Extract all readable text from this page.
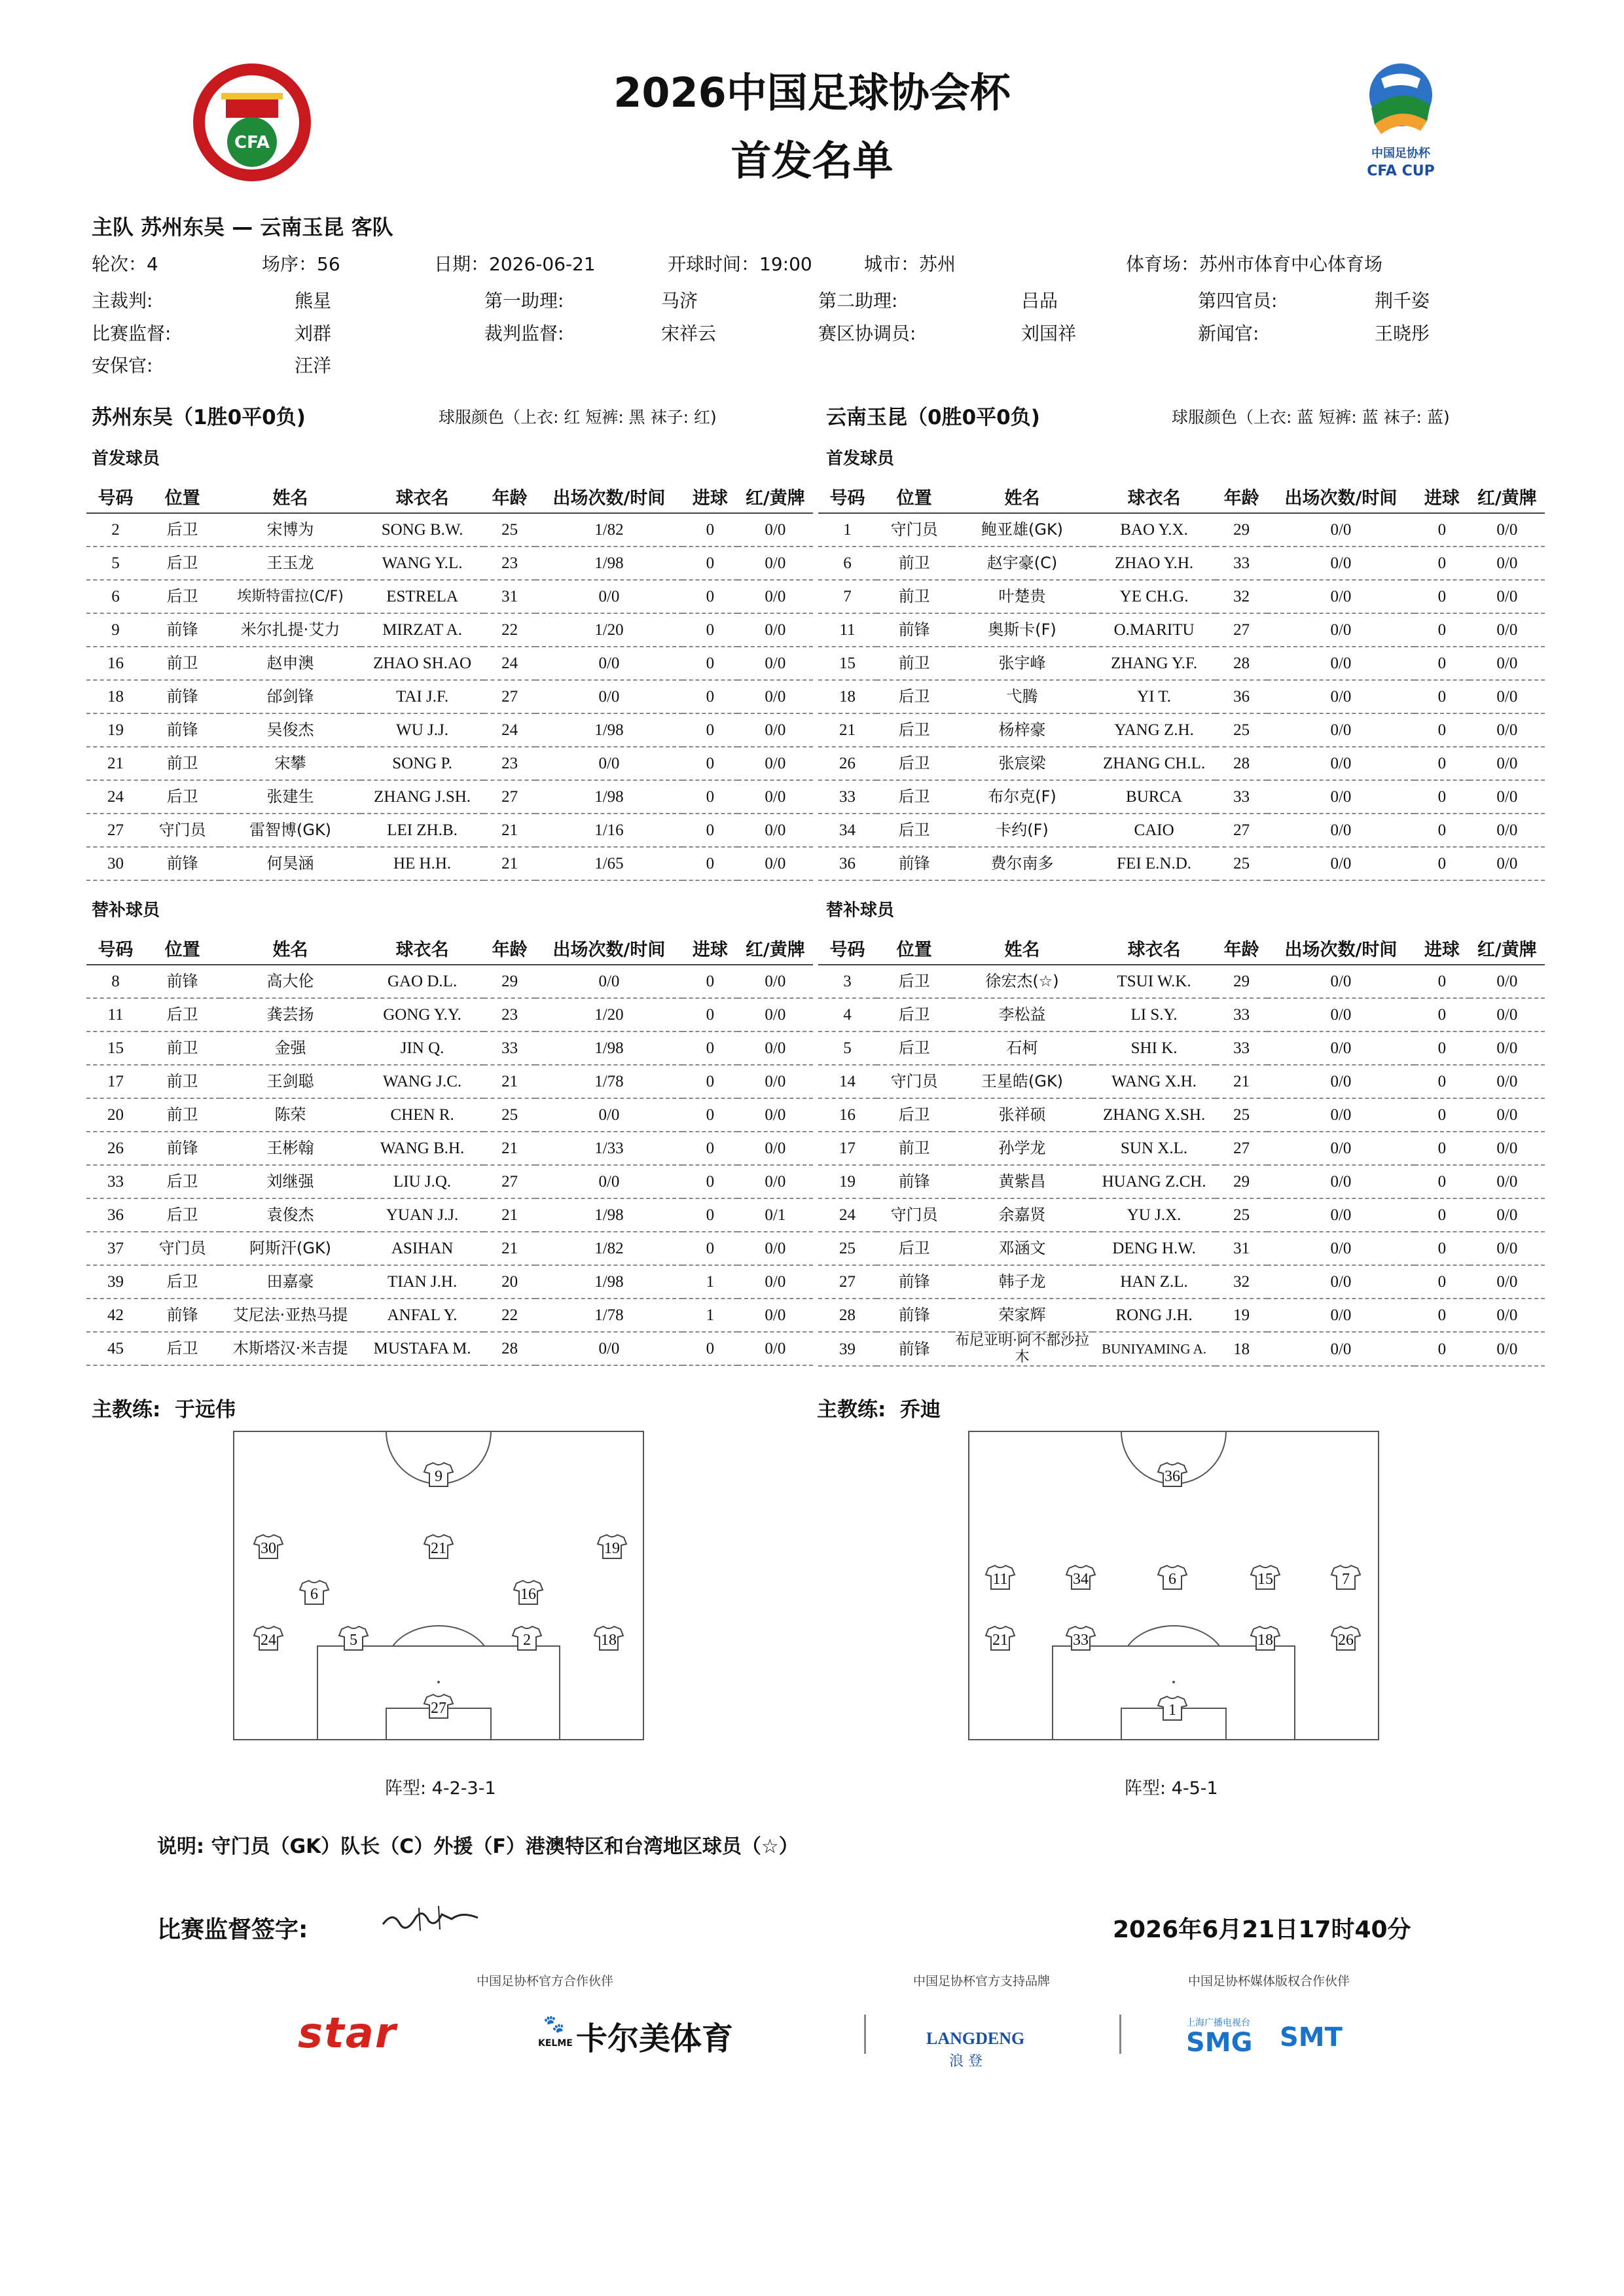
CFA
中国足协杯
CFA CUP
2026中国足球协会杯
首发名单
主队 苏州东吴 — 云南玉昆 客队
轮次：4	场序：56	日期：2026-06-21	开球时间：19:00	城市：苏州	体育场：苏州市体育中心体育场
主裁判:	熊星	第一助理:	马济	第二助理:	吕品	第四官员:	荆千姿
比赛监督:	刘群	裁判监督:	宋祥云	赛区协调员:	刘国祥	新闻官:	王晓彤
安保官:	汪洋
苏州东吴（1胜0平0负)	球服颜色（上衣: 红 短裤: 黑 袜子: 红)	云南玉昆（0胜0平0负)	球服颜色（上衣: 蓝 短裤: 蓝 袜子: 蓝)
首发球员	首发球员
号码	位置	姓名	球衣名	年龄	出场次数/时间	进球	红/黄牌
2	后卫	宋博为	SONG B.W.	25	1/82	0	0/0
5	后卫	王玉龙	WANG Y.L.	23	1/98	0	0/0
6	后卫	埃斯特雷拉(C/F)	ESTRELA	31	0/0	0	0/0
9	前锋	米尔扎提·艾力	MIRZAT A.	22	1/20	0	0/0
16	前卫	赵申澳	ZHAO SH.AO	24	0/0	0	0/0
18	前锋	邰剑锋	TAI J.F.	27	0/0	0	0/0
19	前锋	吴俊杰	WU J.J.	24	1/98	0	0/0
21	前卫	宋攀	SONG P.	23	0/0	0	0/0
24	后卫	张建生	ZHANG J.SH.	27	1/98	0	0/0
27	守门员	雷智博(GK)	LEI ZH.B.	21	1/16	0	0/0
30	前锋	何昊涵	HE H.H.	21	1/65	0	0/0
号码	位置	姓名	球衣名	年龄	出场次数/时间	进球	红/黄牌
1	守门员	鲍亚雄(GK)	BAO Y.X.	29	0/0	0	0/0
6	前卫	赵宇豪(C)	ZHAO Y.H.	33	0/0	0	0/0
7	前卫	叶楚贵	YE CH.G.	32	0/0	0	0/0
11	前锋	奥斯卡(F)	O.MARITU	27	0/0	0	0/0
15	前卫	张宇峰	ZHANG Y.F.	28	0/0	0	0/0
18	后卫	弋腾	YI T.	36	0/0	0	0/0
21	后卫	杨梓豪	YANG Z.H.	25	0/0	0	0/0
26	后卫	张宸梁	ZHANG CH.L.	28	0/0	0	0/0
33	后卫	布尔克(F)	BURCA	33	0/0	0	0/0
34	后卫	卡约(F)	CAIO	27	0/0	0	0/0
36	前锋	费尔南多	FEI E.N.D.	25	0/0	0	0/0
替补球员	替补球员
号码	位置	姓名	球衣名	年龄	出场次数/时间	进球	红/黄牌
8	前锋	高大伦	GAO D.L.	29	0/0	0	0/0
11	后卫	龚芸扬	GONG Y.Y.	23	1/20	0	0/0
15	前卫	金强	JIN Q.	33	1/98	0	0/0
17	前卫	王剑聪	WANG J.C.	21	1/78	0	0/0
20	前卫	陈荣	CHEN R.	25	0/0	0	0/0
26	前锋	王彬翰	WANG B.H.	21	1/33	0	0/0
33	后卫	刘继强	LIU J.Q.	27	0/0	0	0/0
36	后卫	袁俊杰	YUAN J.J.	21	1/98	0	0/1
37	守门员	阿斯汗(GK)	ASIHAN	21	1/82	0	0/0
39	后卫	田嘉豪	TIAN J.H.	20	1/98	1	0/0
42	前锋	艾尼法·亚热马提	ANFAL Y.	22	1/78	1	0/0
45	后卫	木斯塔汉·米吉提	MUSTAFA M.	28	0/0	0	0/0
号码	位置	姓名	球衣名	年龄	出场次数/时间	进球	红/黄牌
3	后卫	徐宏杰(☆)	TSUI W.K.	29	0/0	0	0/0
4	后卫	李松益	LI S.Y.	33	0/0	0	0/0
5	后卫	石柯	SHI K.	33	0/0	0	0/0
14	守门员	王星皓(GK)	WANG X.H.	21	0/0	0	0/0
16	后卫	张祥硕	ZHANG X.SH.	25	0/0	0	0/0
17	前卫	孙学龙	SUN X.L.	27	0/0	0	0/0
19	前锋	黄紫昌	HUANG Z.CH.	29	0/0	0	0/0
24	守门员	余嘉贤	YU J.X.	25	0/0	0	0/0
25	后卫	邓涵文	DENG H.W.	31	0/0	0	0/0
27	前锋	韩子龙	HAN Z.L.	32	0/0	0	0/0
28	前锋	荣家辉	RONG J.H.	19	0/0	0	0/0
39	前锋	布尼亚明·阿不都沙拉木	BUNIYAMING A.	18	0/0	0	0/0
主教练: 于远伟	主教练: 乔迪
9
30	21	19
6	16
24	5	2	18
27
36
11	34	6	15	7
21	33	18	26
1
阵型: 4-2-3-1	阵型: 4-5-1
说明: 守门员（GK）队长（C）外援（F）港澳特区和台湾地区球员（☆）
比赛监督签字:	2026年6月21日17时40分
中国足协杯官方合作伙伴	中国足协杯官方支持品牌	中国足协杯媒体版权合作伙伴
star	🐾
KELME 卡尔美体育	LANGDENG
浪 登
上海广播电视台
SMG SMT
